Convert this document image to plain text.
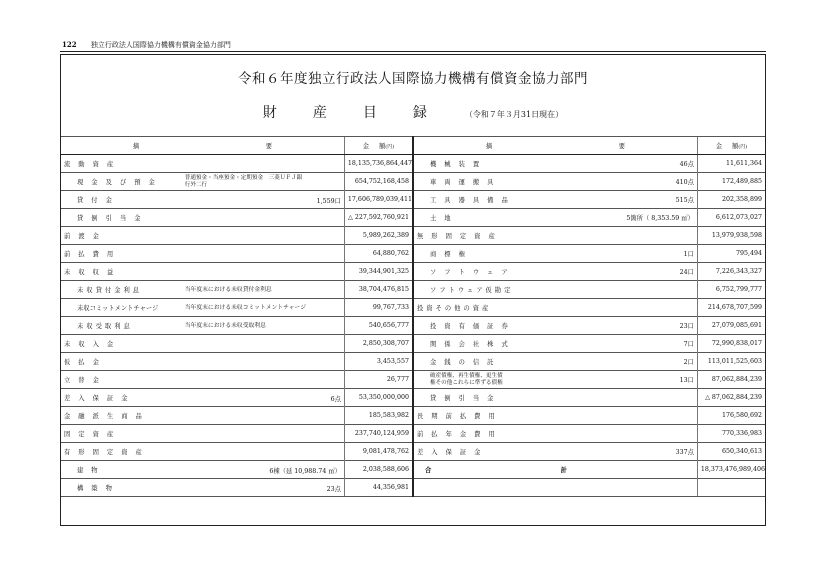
122 独立行政法人国際協力機構有償資金協力部門
令和６年度独立行政法人国際協力機構有償資金協力部門
財産目録 （令和７年３月31日現在）
摘 要		金 額(円)	摘 要		金 額(円)
流動資産		18,135,736,864,447	機械装置	46点	11,611,364
現金及び預金	普通預金・当座預金・定期預金　三菱ＵＦＪ銀行外二行	654,752,168,458	車両運搬具	410点	172,489,885
貸付金	1,559口	17,606,789,039,411	工具器具備品	515点	202,358,899
貸倒引当金		△ 227,592,760,921	土地	5箇所（ 8,353.59 ㎡）	6,612,073,027
前渡金		5,989,262,389	無形固定資産		13,979,938,598
前払費用		64,880,762	商標権	1口	795,494
未収収益		39,344,901,325	ソフトウェア	24口	7,226,343,327
未収貸付金利息	当年度末における未収貸付金利息	38,704,476,815	ソフトウェア仮勘定		6,752,799,777
未収コミットメントチャージ	当年度末における未収コミットメントチャージ	99,767,733	投資その他の資産		214,678,707,599
未収受取利息	当年度末における未収受取利息	540,656,777	投資有価証券	23口	27,079,085,691
未収入金		2,850,308,707	関係会社株式	7口	72,990,838,017
仮払金		3,453,557	金銭の信託	2口	113,011,525,603
立替金		26,777	破産債権、再生債権、更生債権その他これらに準ずる債権	13口	87,062,884,239
差入保証金	6点	53,350,000,000	貸倒引当金		△ 87,062,884,239
金融派生商品		185,583,982	長期前払費用		176,580,692
固定資産		237,740,124,959	前払年金費用		770,336,983
有形固定資産		9,081,478,762	差入保証金	337点	650,340,613
建物	6棟（延 10,988.74 ㎡）	2,038,588,606	合 計		18,373,476,989,406
構築物	23点	44,356,981			
